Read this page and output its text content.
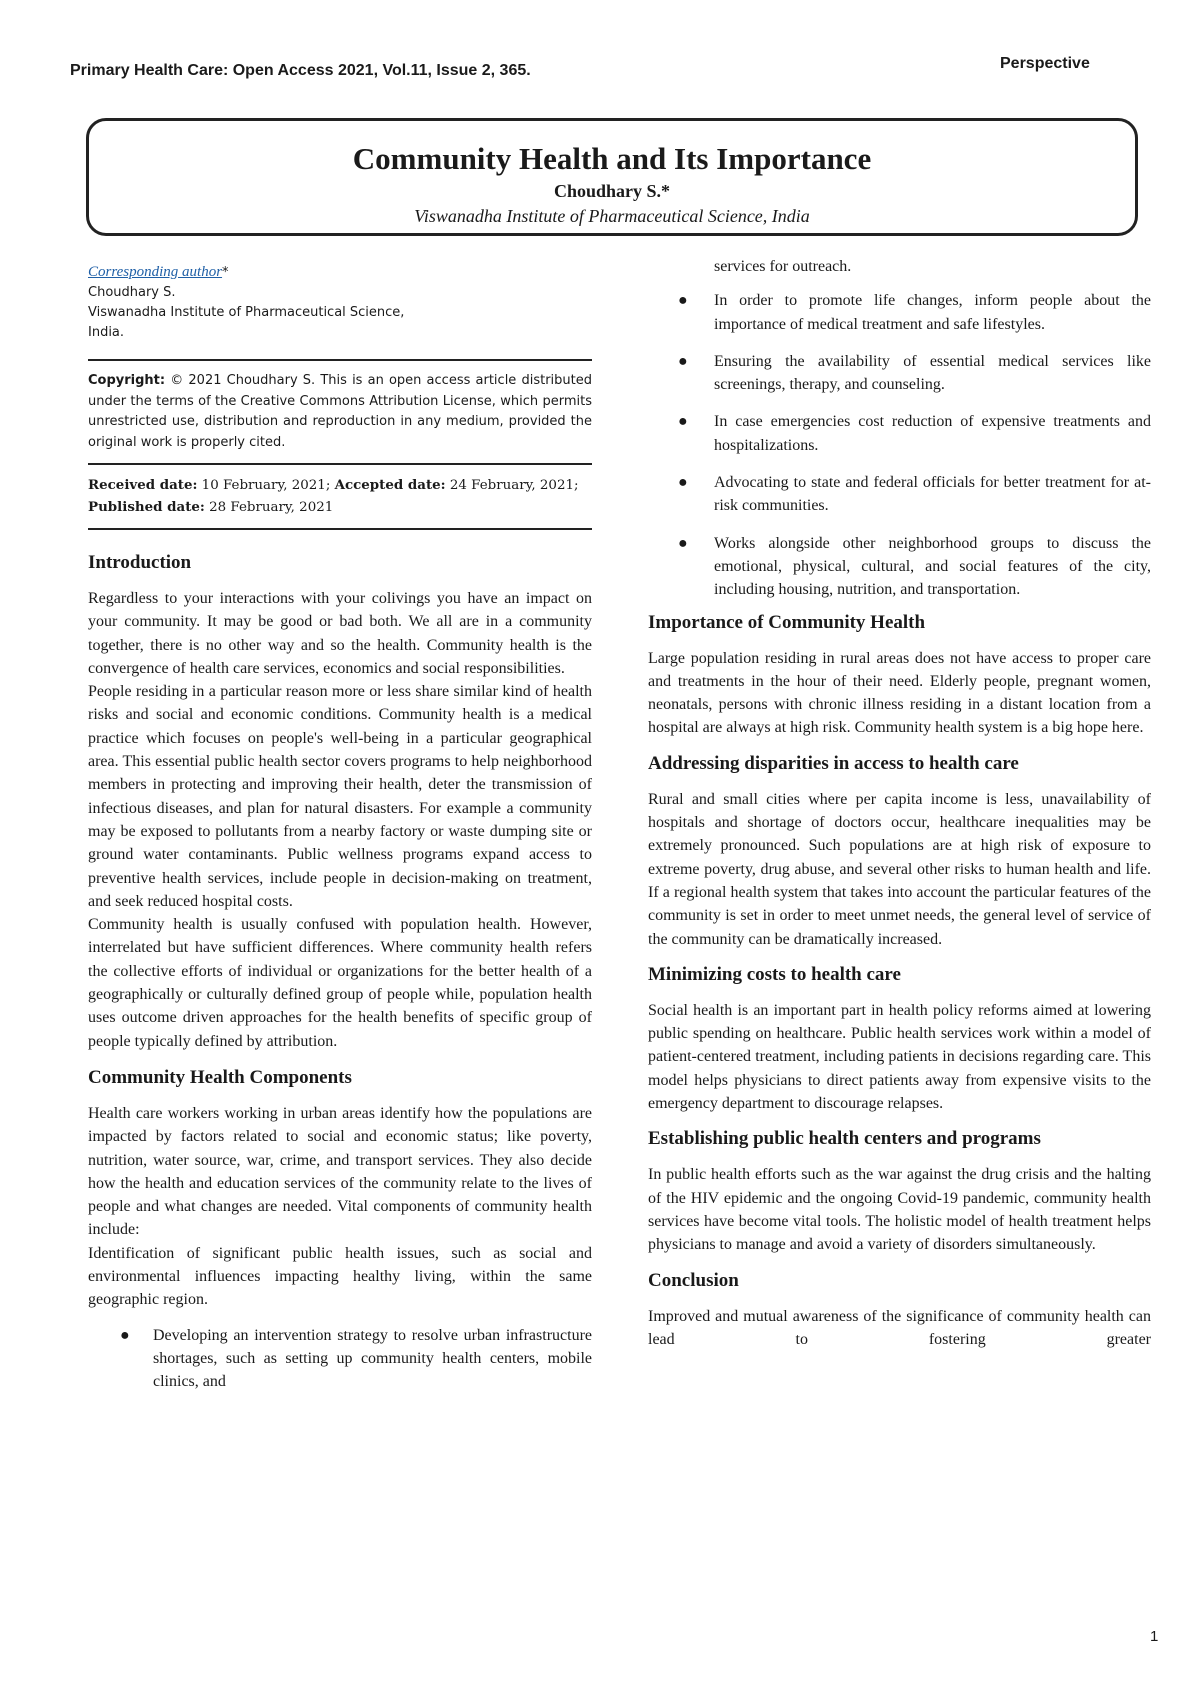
Primary Health Care: Open Access 2021, Vol.11, Issue 2, 365.	Perspective
Community Health and Its Importance
Choudhary S.*
Viswanadha Institute of Pharmaceutical Science, India
Corresponding author*
Choudhary S.
Viswanadha Institute of Pharmaceutical Science,
India.
Copyright: © 2021 Choudhary S. This is an open access article distributed under the terms of the Creative Commons Attribution License, which permits unrestricted use, distribution and reproduction in any medium, provided the original work is properly cited.
Received date: 10 February, 2021; Accepted date: 24 February, 2021; Published date: 28 February, 2021
Introduction

Regardless to your interactions with your colivings you have an impact on your community. It may be good or bad both. We all are in a community together, there is no other way and so the health. Community health is the convergence of health care services, economics and social responsibilities.

People residing in a particular reason more or less share similar kind of health risks and social and economic conditions. Community health is a medical practice which focuses on people's well-being in a particular geographical area. This essential public health sector covers programs to help neighborhood members in protecting and improving their health, deter the transmission of infectious diseases, and plan for natural disasters. For example a community may be exposed to pollutants from a nearby factory or waste dumping site or ground water contaminants. Public wellness programs expand access to preventive health services, include people in decision-making on treatment, and seek reduced hospital costs.

Community health is usually confused with population health. However, interrelated but have sufficient differences. Where community health refers the collective efforts of individual or organizations for the better health of a geographically or culturally defined group of people while, population health uses outcome driven approaches for the health benefits of specific group of people typically defined by attribution.

Community Health Components

Health care workers working in urban areas identify how the populations are impacted by factors related to social and economic status; like poverty, nutrition, water source, war, crime, and transport services. They also decide how the health and education services of the community relate to the lives of people and what changes are needed. Vital components of community health include:

Identification of significant public health issues, such as social and environmental influences impacting healthy living, within the same geographic region.

● Developing an intervention strategy to resolve urban infrastructure shortages, such as setting up community health centers, mobile clinics, and
services for outreach.
● In order to promote life changes, inform people about the importance of medical treatment and safe lifestyles.
● Ensuring the availability of essential medical services like screenings, therapy, and counseling.
● In case emergencies cost reduction of expensive treatments and hospitalizations.
● Advocating to state and federal officials for better treatment for at-risk communities.
● Works alongside other neighborhood groups to discuss the emotional, physical, cultural, and social features of the city, including housing, nutrition, and transportation.
Importance of Community Health

Large population residing in rural areas does not have access to proper care and treatments in the hour of their need. Elderly people, pregnant women, neonatals, persons with chronic illness residing in a distant location from a hospital are always at high risk. Community health system is a big hope here.

Addressing disparities in access to health care

Rural and small cities where per capita income is less, unavailability of hospitals and shortage of doctors occur, healthcare inequalities may be extremely pronounced. Such populations are at high risk of exposure to extreme poverty, drug abuse, and several other risks to human health and life. If a regional health system that takes into account the particular features of the community is set in order to meet unmet needs, the general level of service of the community can be dramatically increased.

Minimizing costs to health care

Social health is an important part in health policy reforms aimed at lowering public spending on healthcare. Public health services work within a model of patient-centered treatment, including patients in decisions regarding care. This model helps physicians to direct patients away from expensive visits to the emergency department to discourage relapses.

Establishing public health centers and programs

In public health efforts such as the war against the drug crisis and the halting of the HIV epidemic and the ongoing Covid-19 pandemic, community health services have become vital tools. The holistic model of health treatment helps physicians to manage and avoid a variety of disorders simultaneously.

Conclusion

Improved and mutual awareness of the significance of community health can lead to fostering greater

1
